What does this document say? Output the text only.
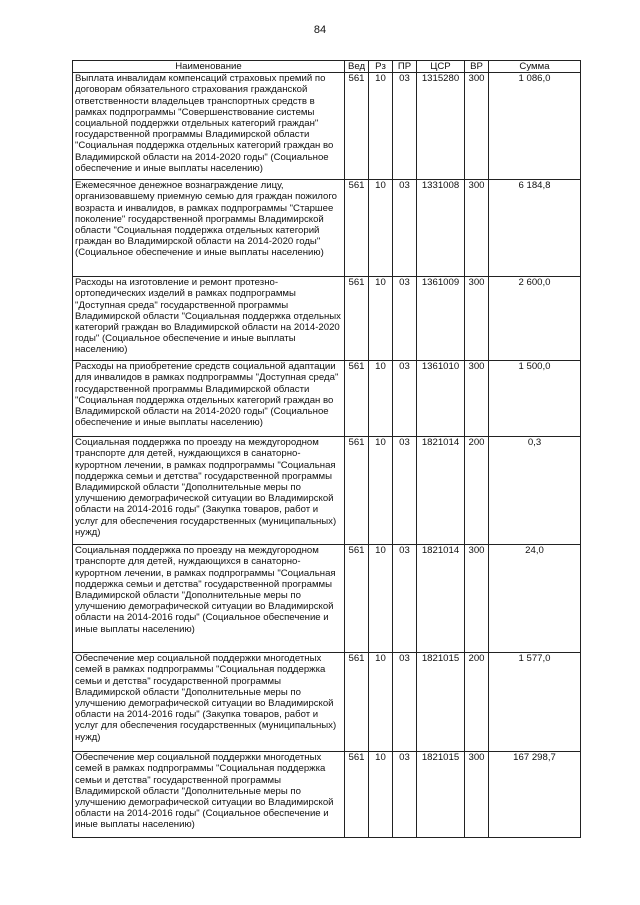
84
Наименование	Вед	Рз	ПР	ЦСР	ВР	Сумма
Выплата инвалидам компенсаций страховых премий по договорам обязательного страхования гражданской ответственности владельцев транспортных средств в рамках подпрограммы "Совершенствование системы социальной поддержки отдельных категорий граждан" государственной программы Владимирской области "Социальная поддержка отдельных категорий граждан во Владимирской области на 2014-2020 годы" (Социальное обеспечение и иные выплаты населению)	561	10	03	1315280	300	1 086,0
Ежемесячное денежное вознаграждение лицу, организовавшему приемную семью для граждан пожилого возраста и инвалидов, в рамках подпрограммы "Старшее поколение" государственной программы Владимирской области "Социальная поддержка отдельных категорий граждан во Владимирской области на 2014-2020 годы" (Социальное обеспечение и иные выплаты населению)	561	10	03	1331008	300	6 184,8
Расходы на изготовление и ремонт протезно-ортопедических изделий в рамках подпрограммы "Доступная среда" государственной программы Владимирской области "Социальная поддержка отдельных категорий граждан во Владимирской области на 2014-2020 годы" (Социальное обеспечение и иные выплаты населению)	561	10	03	1361009	300	2 600,0
Расходы на приобретение средств социальной адаптации для инвалидов в рамках подпрограммы "Доступная среда" государственной программы Владимирской области "Социальная поддержка отдельных категорий граждан во Владимирской области на 2014-2020 годы" (Социальное обеспечение и иные выплаты населению)	561	10	03	1361010	300	1 500,0
Социальная поддержка по проезду на междугородном транспорте для детей, нуждающихся в санаторно-курортном лечении, в рамках подпрограммы "Социальная поддержка семьи и детства" государственной программы Владимирской области "Дополнительные меры по улучшению демографической ситуации во Владимирской области на 2014-2016 годы" (Закупка товаров, работ и услуг для обеспечения государственных (муниципальных) нужд)	561	10	03	1821014	200	0,3
Социальная поддержка по проезду на междугородном транспорте для детей, нуждающихся в санаторно-курортном лечении, в рамках подпрограммы "Социальная поддержка семьи и детства" государственной программы Владимирской области "Дополнительные меры по улучшению демографической ситуации во Владимирской области на 2014-2016 годы" (Социальное обеспечение и иные выплаты населению)	561	10	03	1821014	300	24,0
Обеспечение мер социальной поддержки многодетных семей в рамках подпрограммы "Социальная поддержка семьи и детства" государственной программы Владимирской области "Дополнительные меры по улучшению демографической ситуации во Владимирской области на 2014-2016 годы" (Закупка товаров, работ и услуг для обеспечения государственных (муниципальных) нужд)	561	10	03	1821015	200	1 577,0
Обеспечение мер социальной поддержки многодетных семей в рамках подпрограммы "Социальная поддержка семьи и детства" государственной программы Владимирской области "Дополнительные меры по улучшению демографической ситуации во Владимирской области на 2014-2016 годы" (Социальное обеспечение и иные выплаты населению)	561	10	03	1821015	300	167 298,7
